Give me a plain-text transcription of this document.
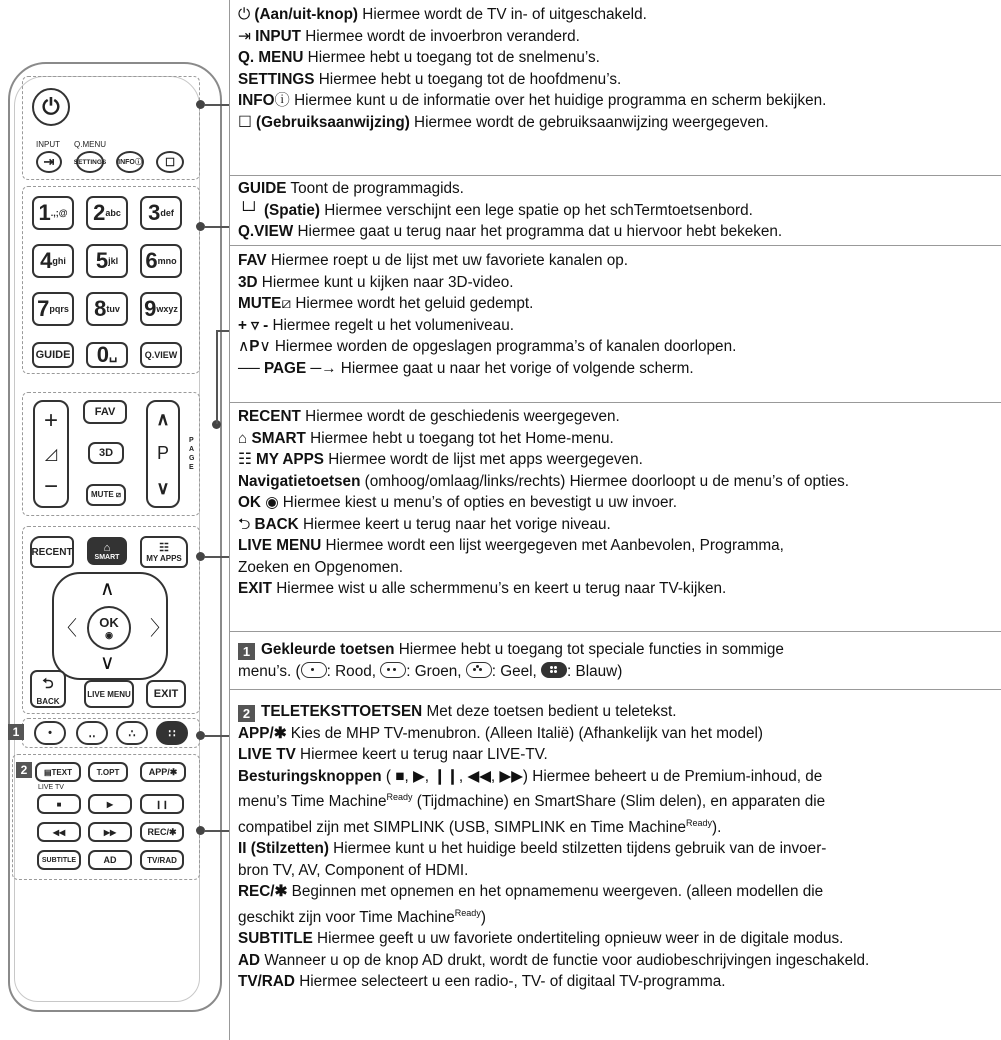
⏻
INPUT Q.MENU
⇥	SETTINGS INFOⓘ ☐
1 .,;@ 2 abc 3 def
4 ghi 5 jkl 6 mno
7 pqrs 8 tuv 9 wxyz
GUIDE 0 ␣	Q.VIEW
+
◿
−
FAV
3D
MUTE ⧄
∧
P
∨
PAGE
RECENT	⌂
SMART
☷
MY APPS
∧
∨
〈	〉
OK
◉
⮌
BACK
LIVE MENU EXIT
1	•	‥	∴	∷
2	▤TEXT	T.OPT	APP/✱
LIVE TV
■	▶	❙❙
◀◀	▶▶	REC/✱
SUBTITLE	AD	TV/RAD
⏻ (Aan/uit-knop) Hiermee wordt de TV in- of uitgeschakeld.
⇥ INPUT Hiermee wordt de invoerbron veranderd.
Q. MENU Hiermee hebt u toegang tot de snelmenu’s.
SETTINGS Hiermee hebt u toegang tot de hoofdmenu’s.
INFOⓘ Hiermee kunt u de informatie over het huidige programma en scherm bekijken.
☐ (Gebruiksaanwijzing) Hiermee wordt de gebruiksaanwijzing weergegeven.
GUIDE Toont de programmagids.
└┘ (Spatie) Hiermee verschijnt een lege spatie op het schTermtoetsenbord.
Q.VIEW Hiermee gaat u terug naar het programma dat u hiervoor hebt bekeken.
FAV Hiermee roept u de lijst met uw favoriete kanalen op.
3D Hiermee kunt u kijken naar 3D-video.
MUTE⧄ Hiermee wordt het geluid gedempt.
+ ▿ - Hiermee regelt u het volumeniveau.
∧P∨ Hiermee worden de opgeslagen programma’s of kanalen doorlopen.
── PAGE ─→ Hiermee gaat u naar het vorige of volgende scherm.
RECENT Hiermee wordt de geschiedenis weergegeven.
⌂ SMART Hiermee hebt u toegang tot het Home-menu.
☷ MY APPS Hiermee wordt de lijst met apps weergegeven.
Navigatietoetsen (omhoog/omlaag/links/rechts) Hiermee doorloopt u de menu’s of opties.
OK ◉ Hiermee kiest u menu’s of opties en bevestigt u uw invoer.
⮌ BACK Hiermee keert u terug naar het vorige niveau.
LIVE MENU Hiermee wordt een lijst weergegeven met Aanbevolen, Programma,
Zoeken en Opgenomen.
EXIT Hiermee wist u alle schermmenu’s en keert u terug naar TV-kijken.
1 Gekleurde toetsen Hiermee hebt u toegang tot speciale functies in sommige
menu’s. ( : Rood,
: Groen,
: Geel,
: Blauw)
2 TELETEKSTTOETSEN Met deze toetsen bedient u teletekst.
APP/✱ Kies de MHP TV-menubron. (Alleen Italië) (Afhankelijk van het model)
LIVE TV Hiermee keert u terug naar LIVE-TV.
Besturingsknoppen ( ■, ▶, ❙❙, ◀◀, ▶▶) Hiermee beheert u de Premium-inhoud, de
menu’s Time Machine$^{Ready}$ (Tijdmachine) en SmartShare (Slim delen), en apparaten die
compatibel zijn met SIMPLINK (USB, SIMPLINK en Time Machine$^{Ready}$).
II (Stilzetten) Hiermee kunt u het huidige beeld stilzetten tijdens gebruik van de invoer-
bron TV, AV, Component of HDMI.
REC/✱ Beginnen met opnemen en het opnamemenu weergeven. (alleen modellen die
geschikt zijn voor Time Machine$^{Ready}$)
SUBTITLE Hiermee geeft u uw favoriete ondertiteling opnieuw weer in de digitale modus.
AD Wanneer u op de knop AD drukt, wordt de functie voor audiobeschrijvingen ingeschakeld.
TV/RAD Hiermee selecteert u een radio-, TV- of digitaal TV-programma.
